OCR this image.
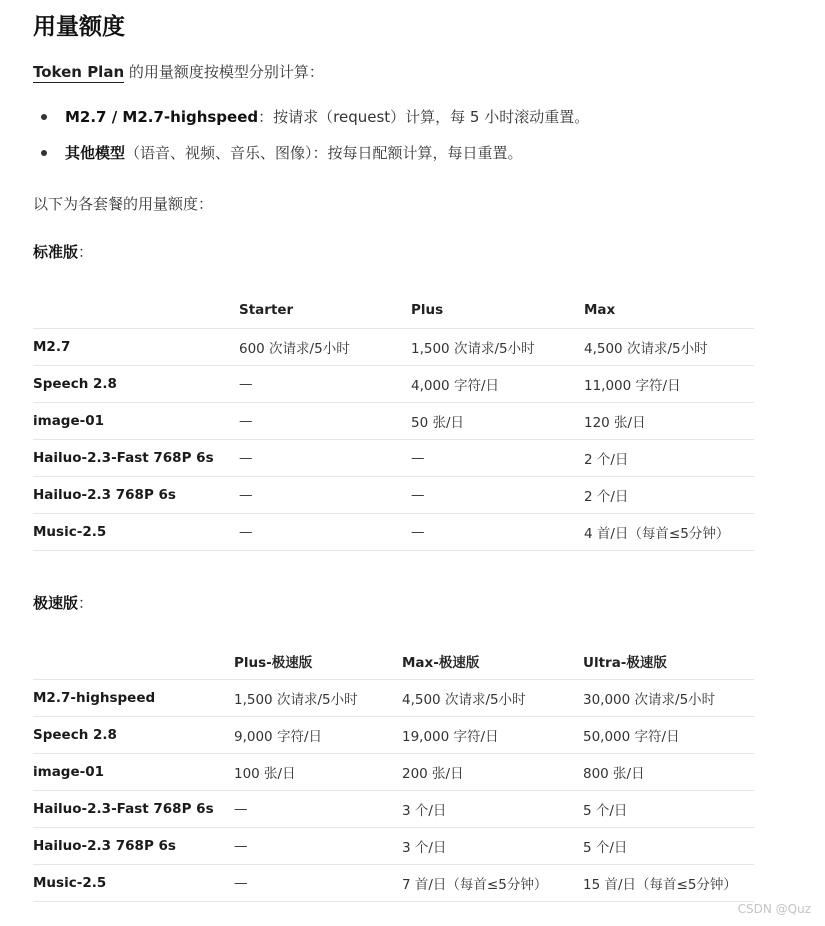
用量额度
Token Plan 的用量额度按模型分别计算：
M2.7 / M2.7-highspeed：按请求（request）计算，每 5 小时滚动重置。
其他模型（语音、视频、音乐、图像）：按每日配额计算，每日重置。
以下为各套餐的用量额度：
标准版：
	Starter	Plus	Max
M2.7	600 次请求/5小时	1,500 次请求/5小时	4,500 次请求/5小时
Speech 2.8	—	4,000 字符/日	11,000 字符/日
image-01	—	50 张/日	120 张/日
Hailuo-2.3-Fast 768P 6s	—	—	2 个/日
Hailuo-2.3 768P 6s	—	—	2 个/日
Music-2.5	—	—	4 首/日（每首≤5分钟）
极速版：
	Plus-极速版	Max-极速版	Ultra-极速版
M2.7-highspeed	1,500 次请求/5小时	4,500 次请求/5小时	30,000 次请求/5小时
Speech 2.8	9,000 字符/日	19,000 字符/日	50,000 字符/日
image-01	100 张/日	200 张/日	800 张/日
Hailuo-2.3-Fast 768P 6s	—	3 个/日	5 个/日
Hailuo-2.3 768P 6s	—	3 个/日	5 个/日
Music-2.5	—	7 首/日（每首≤5分钟）	15 首/日（每首≤5分钟）
CSDN @Quz
